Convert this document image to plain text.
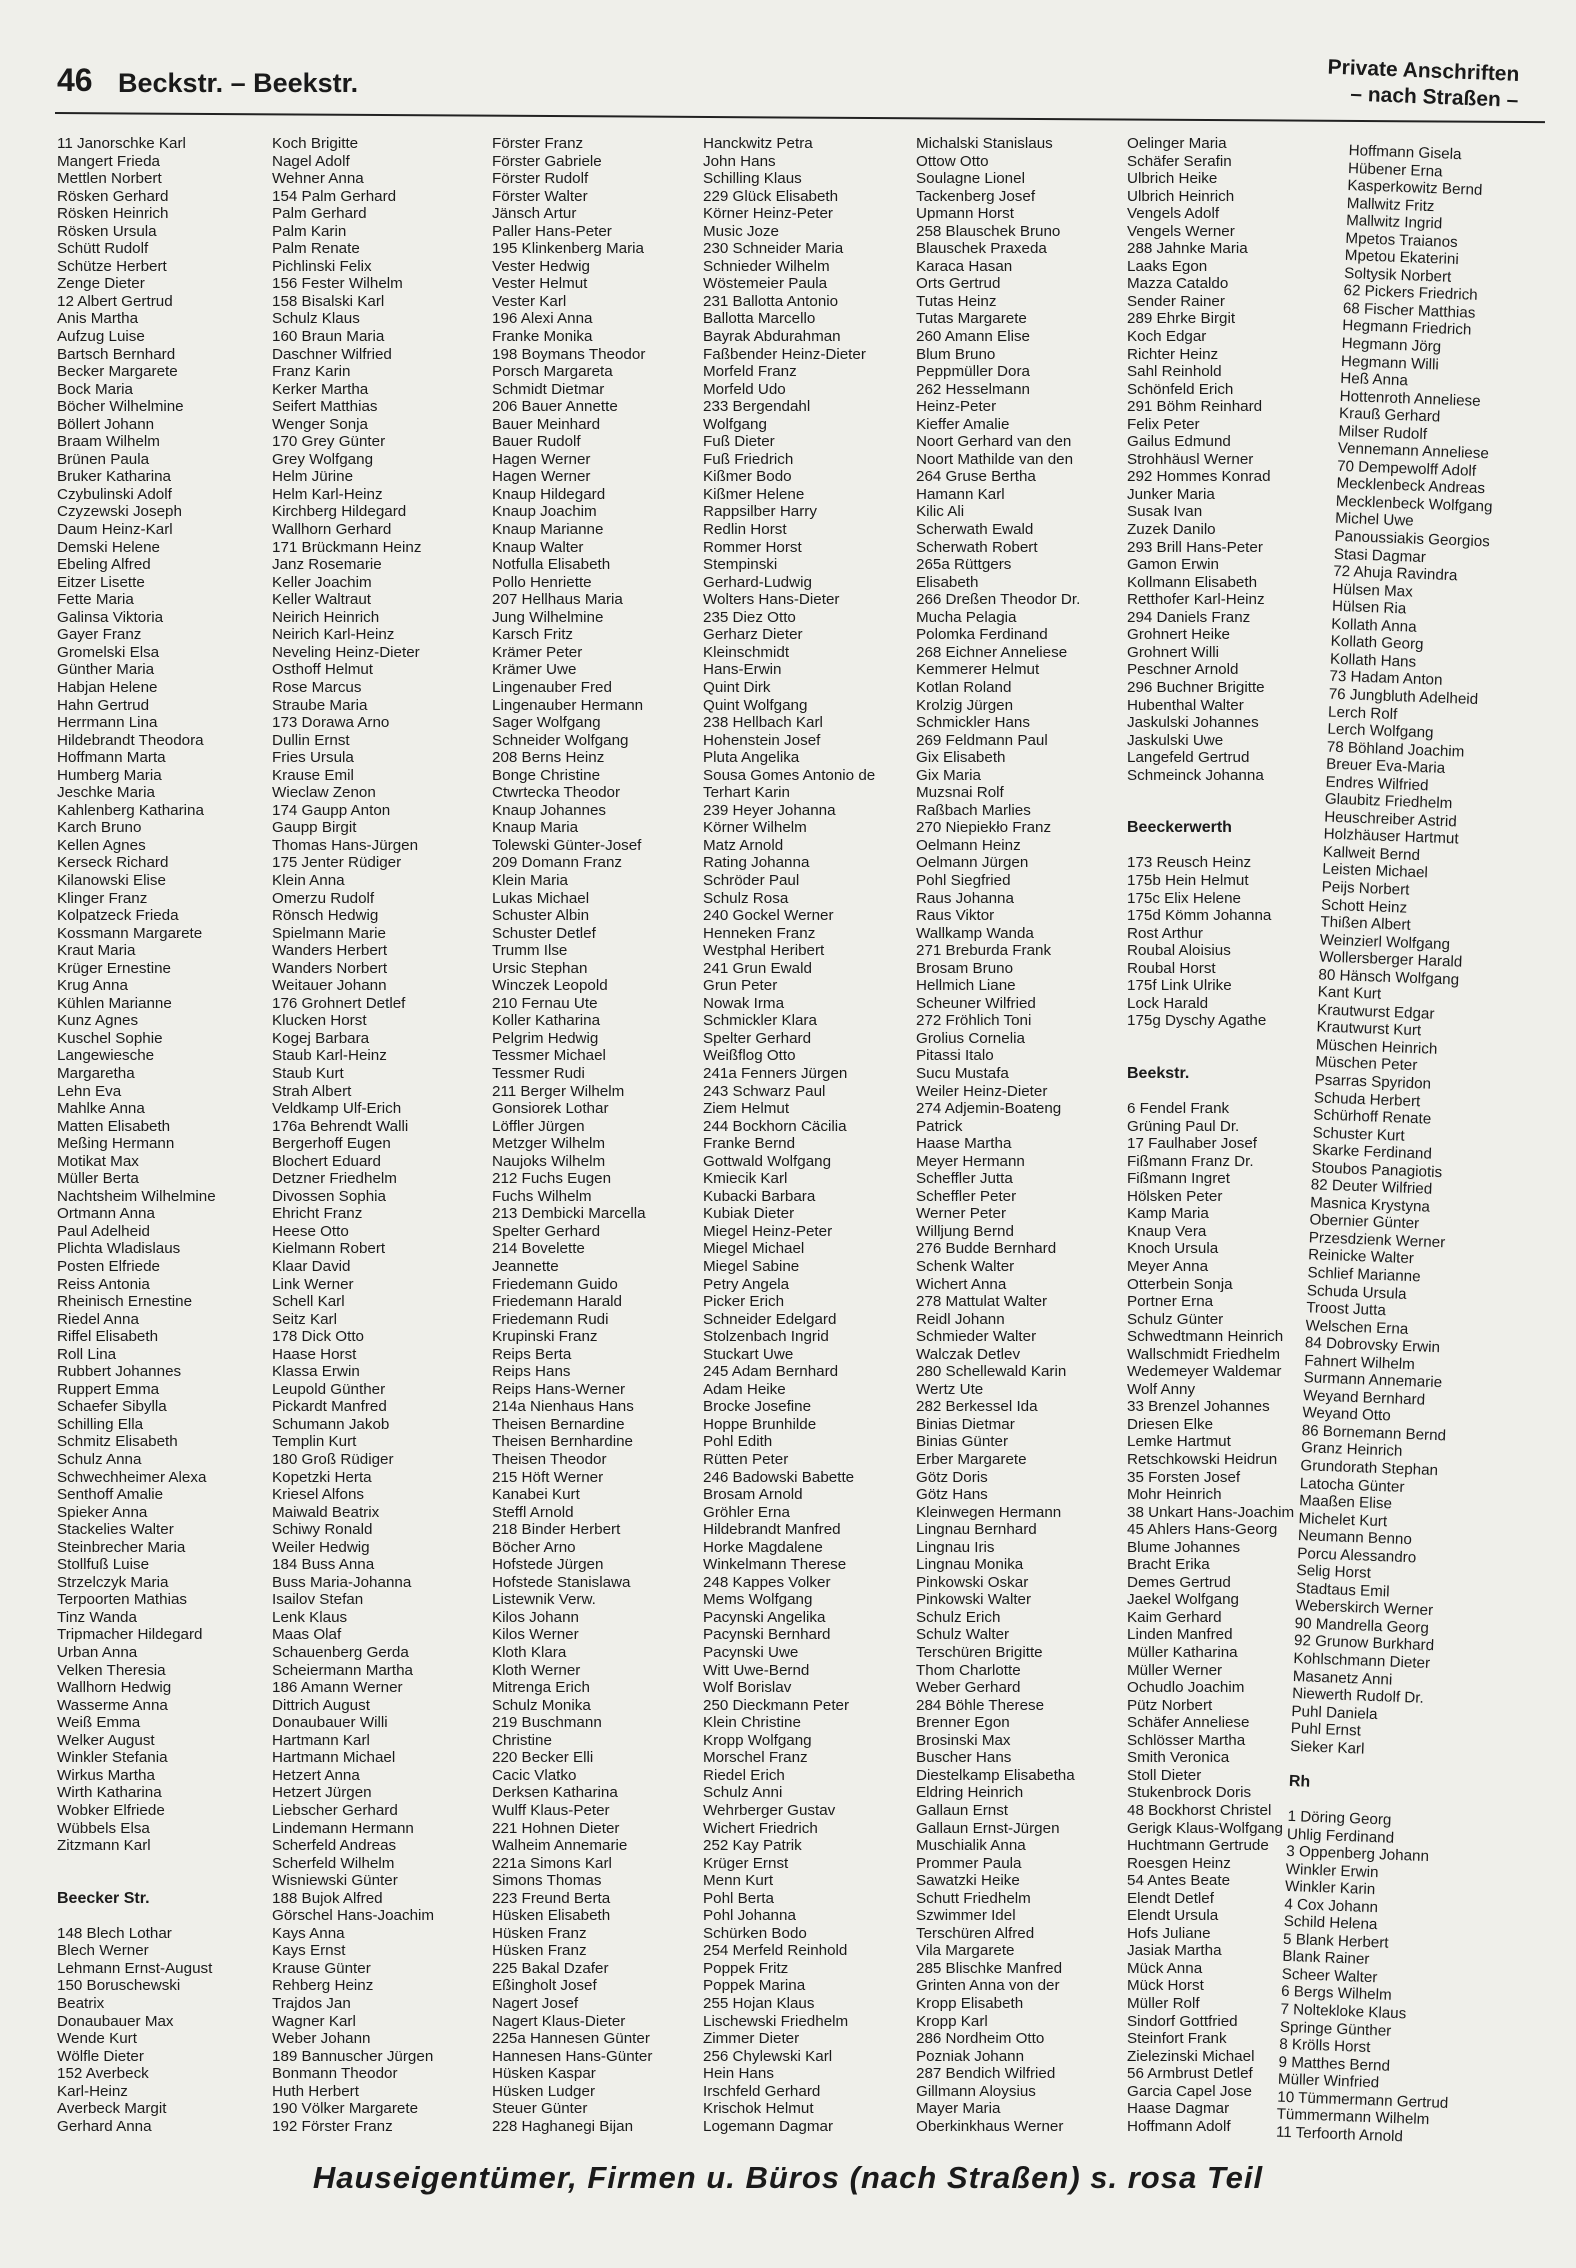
46 Beckstr. – Beekstr.	Private Anschriften
– nach Straßen –
11 Janorschke Karl
Mangert Frieda
Mettlen Norbert
Rösken Gerhard
Rösken Heinrich
Rösken Ursula
Schütt Rudolf
Schütze Herbert
Zenge Dieter
12 Albert Gertrud
Anis Martha
Aufzug Luise
Bartsch Bernhard
Becker Margarete
Bock Maria
Böcher Wilhelmine
Böllert Johann
Braam Wilhelm
Brünen Paula
Bruker Katharina
Czybulinski Adolf
Czyzewski Joseph
Daum Heinz-Karl
Demski Helene
Ebeling Alfred
Eitzer Lisette
Fette Maria
Galinsa Viktoria
Gayer Franz
Gromelski Elsa
Günther Maria
Habjan Helene
Hahn Gertrud
Herrmann Lina
Hildebrandt Theodora
Hoffmann Marta
Humberg Maria
Jeschke Maria
Kahlenberg Katharina
Karch Bruno
Kellen Agnes
Kerseck Richard
Kilanowski Elise
Klinger Franz
Kolpatzeck Frieda
Kossmann Margarete
Kraut Maria
Krüger Ernestine
Krug Anna
Kühlen Marianne
Kunz Agnes
Kuschel Sophie
Langewiesche
Margaretha
Lehn Eva
Mahlke Anna
Matten Elisabeth
Meßing Hermann
Motikat Max
Müller Berta
Nachtsheim Wilhelmine
Ortmann Anna
Paul Adelheid
Plichta Wladislaus
Posten Elfriede
Reiss Antonia
Rheinisch Ernestine
Riedel Anna
Riffel Elisabeth
Roll Lina
Rubbert Johannes
Ruppert Emma
Schaefer Sibylla
Schilling Ella
Schmitz Elisabeth
Schulz Anna
Schwechheimer Alexa
Senthoff Amalie
Spieker Anna
Stackelies Walter
Steinbrecher Maria
Stollfuß Luise
Strzelczyk Maria
Terpoorten Mathias
Tinz Wanda
Tripmacher Hildegard
Urban Anna
Velken Theresia
Wallhorn Hedwig
Wasserme Anna
Weiß Emma
Welker August
Winkler Stefania
Wirkus Martha
Wirth Katharina
Wobker Elfriede
Wübbels Elsa
Zitzmann Karl
Beecker Str.
148 Blech Lothar
Blech Werner
Lehmann Ernst-August
150 Boruschewski
Beatrix
Donaubauer Max
Wende Kurt
Wölfle Dieter
152 Averbeck
Karl-Heinz
Averbeck Margit
Gerhard Anna
Koch Brigitte
Nagel Adolf
Wehner Anna
154 Palm Gerhard
Palm Gerhard
Palm Karin
Palm Renate
Pichlinski Felix
156 Fester Wilhelm
158 Bisalski Karl
Schulz Klaus
160 Braun Maria
Daschner Wilfried
Franz Karin
Kerker Martha
Seifert Matthias
Wenger Sonja
170 Grey Günter
Grey Wolfgang
Helm Jürine
Helm Karl-Heinz
Kirchberg Hildegard
Wallhorn Gerhard
171 Brückmann Heinz
Janz Rosemarie
Keller Joachim
Keller Waltraut
Neirich Heinrich
Neirich Karl-Heinz
Neveling Heinz-Dieter
Osthoff Helmut
Rose Marcus
Straube Maria
173 Dorawa Arno
Dullin Ernst
Fries Ursula
Krause Emil
Wieclaw Zenon
174 Gaupp Anton
Gaupp Birgit
Thomas Hans-Jürgen
175 Jenter Rüdiger
Klein Anna
Omerzu Rudolf
Rönsch Hedwig
Spielmann Marie
Wanders Herbert
Wanders Norbert
Weitauer Johann
176 Grohnert Detlef
Klucken Horst
Kogej Barbara
Staub Karl-Heinz
Staub Kurt
Strah Albert
Veldkamp Ulf-Erich
176a Behrendt Walli
Bergerhoff Eugen
Blochert Eduard
Detzner Friedhelm
Divossen Sophia
Ehricht Franz
Heese Otto
Kielmann Robert
Klaar David
Link Werner
Schell Karl
Seitz Karl
178 Dick Otto
Haase Horst
Klassa Erwin
Leupold Günther
Pickardt Manfred
Schumann Jakob
Templin Kurt
180 Groß Rüdiger
Kopetzki Herta
Kriesel Alfons
Maiwald Beatrix
Schiwy Ronald
Weiler Hedwig
184 Buss Anna
Buss Maria-Johanna
Isailov Stefan
Lenk Klaus
Maas Olaf
Schauenberg Gerda
Scheiermann Martha
186 Amann Werner
Dittrich August
Donaubauer Willi
Hartmann Karl
Hartmann Michael
Hetzert Anna
Hetzert Jürgen
Liebscher Gerhard
Lindemann Hermann
Scherfeld Andreas
Scherfeld Wilhelm
Wisniewski Günter
188 Bujok Alfred
Görschel Hans-Joachim
Kays Anna
Kays Ernst
Krause Günter
Rehberg Heinz
Trajdos Jan
Wagner Karl
Weber Johann
189 Bannuscher Jürgen
Bonmann Theodor
Huth Herbert
190 Völker Margarete
192 Förster Franz
Förster Franz
Förster Gabriele
Förster Rudolf
Förster Walter
Jänsch Artur
Paller Hans-Peter
195 Klinkenberg Maria
Vester Hedwig
Vester Helmut
Vester Karl
196 Alexi Anna
Franke Monika
198 Boymans Theodor
Porsch Margareta
Schmidt Dietmar
206 Bauer Annette
Bauer Meinhard
Bauer Rudolf
Hagen Werner
Hagen Werner
Knaup Hildegard
Knaup Joachim
Knaup Marianne
Knaup Walter
Notfulla Elisabeth
Pollo Henriette
207 Hellhaus Maria
Jung Wilhelmine
Karsch Fritz
Krämer Peter
Krämer Uwe
Lingenauber Fred
Lingenauber Hermann
Sager Wolfgang
Schneider Wolfgang
208 Berns Heinz
Bonge Christine
Ctwrtecka Theodor
Knaup Johannes
Knaup Maria
Tolewski Günter-Josef
209 Domann Franz
Klein Maria
Lukas Michael
Schuster Albin
Schuster Detlef
Trumm Ilse
Ursic Stephan
Winczek Leopold
210 Fernau Ute
Koller Katharina
Pelgrim Hedwig
Tessmer Michael
Tessmer Rudi
211 Berger Wilhelm
Gonsiorek Lothar
Löffler Jürgen
Metzger Wilhelm
Naujoks Wilhelm
212 Fuchs Eugen
Fuchs Wilhelm
213 Dembicki Marcella
Spelter Gerhard
214 Bovelette
Jeannette
Friedemann Guido
Friedemann Harald
Friedemann Rudi
Krupinski Franz
Reips Berta
Reips Hans
Reips Hans-Werner
214a Nienhaus Hans
Theisen Bernardine
Theisen Bernhardine
Theisen Theodor
215 Höft Werner
Kanabei Kurt
Steffl Arnold
218 Binder Herbert
Böcher Arno
Hofstede Jürgen
Hofstede Stanislawa
Listewnik Verw.
Kilos Johann
Kilos Werner
Kloth Klara
Kloth Werner
Mitrenga Erich
Schulz Monika
219 Buschmann
Christine
220 Becker Elli
Cacic Vlatko
Derksen Katharina
Wulff Klaus-Peter
221 Hohnen Dieter
Walheim Annemarie
221a Simons Karl
Simons Thomas
223 Freund Berta
Hüsken Elisabeth
Hüsken Franz
Hüsken Franz
225 Bakal Dzafer
Eßingholt Josef
Nagert Josef
Nagert Klaus-Dieter
225a Hannesen Günter
Hannesen Hans-Günter
Hüsken Kaspar
Hüsken Ludger
Steuer Günter
228 Haghanegi Bijan
Hanckwitz Petra
John Hans
Schilling Klaus
229 Glück Elisabeth
Körner Heinz-Peter
Music Joze
230 Schneider Maria
Schnieder Wilhelm
Wöstemeier Paula
231 Ballotta Antonio
Ballotta Marcello
Bayrak Abdurahman
Faßbender Heinz-Dieter
Morfeld Franz
Morfeld Udo
233 Bergendahl
Wolfgang
Fuß Dieter
Fuß Friedrich
Kißmer Bodo
Kißmer Helene
Rappsilber Harry
Redlin Horst
Rommer Horst
Stempinski
Gerhard-Ludwig
Wolters Hans-Dieter
235 Diez Otto
Gerharz Dieter
Kleinschmidt
Hans-Erwin
Quint Dirk
Quint Wolfgang
238 Hellbach Karl
Hohenstein Josef
Pluta Angelika
Sousa Gomes Antonio de
Terhart Karin
239 Heyer Johanna
Körner Wilhelm
Matz Arnold
Rating Johanna
Schröder Paul
Schulz Rosa
240 Gockel Werner
Henneken Franz
Westphal Heribert
241 Grun Ewald
Grun Peter
Nowak Irma
Schmickler Klara
Spelter Gerhard
Weißflog Otto
241a Fenners Jürgen
243 Schwarz Paul
Ziem Helmut
244 Bockhorn Cäcilia
Franke Bernd
Gottwald Wolfgang
Kmiecik Karl
Kubacki Barbara
Kubiak Dieter
Miegel Heinz-Peter
Miegel Michael
Miegel Sabine
Petry Angela
Picker Erich
Schneider Edelgard
Stolzenbach Ingrid
Stuckart Uwe
245 Adam Bernhard
Adam Heike
Brocke Josefine
Hoppe Brunhilde
Pohl Edith
Rütten Peter
246 Badowski Babette
Brosam Arnold
Gröhler Erna
Hildebrandt Manfred
Horke Magdalene
Winkelmann Therese
248 Kappes Volker
Mems Wolfgang
Pacynski Angelika
Pacynski Bernhard
Pacynski Uwe
Witt Uwe-Bernd
Wolf Borislav
250 Dieckmann Peter
Klein Christine
Kropp Wolfgang
Morschel Franz
Riedel Erich
Schulz Anni
Wehrberger Gustav
Wichert Friedrich
252 Kay Patrik
Krüger Ernst
Menn Kurt
Pohl Berta
Pohl Johanna
Schürken Bodo
254 Merfeld Reinhold
Poppek Fritz
Poppek Marina
255 Hojan Klaus
Lischewski Friedhelm
Zimmer Dieter
256 Chylewski Karl
Hein Hans
Irschfeld Gerhard
Krischok Helmut
Logemann Dagmar
Michalski Stanislaus
Ottow Otto
Soulagne Lionel
Tackenberg Josef
Upmann Horst
258 Blauschek Bruno
Blauschek Praxeda
Karaca Hasan
Orts Gertrud
Tutas Heinz
Tutas Margarete
260 Amann Elise
Blum Bruno
Peppmüller Dora
262 Hesselmann
Heinz-Peter
Kieffer Amalie
Noort Gerhard van den
Noort Mathilde van den
264 Gruse Bertha
Hamann Karl
Kilic Ali
Scherwath Ewald
Scherwath Robert
265a Rüttgers
Elisabeth
266 Dreßen Theodor Dr.
Mucha Pelagia
Polomka Ferdinand
268 Eichner Anneliese
Kemmerer Helmut
Kotlan Roland
Krolzig Jürgen
Schmickler Hans
269 Feldmann Paul
Gix Elisabeth
Gix Maria
Muzsnai Rolf
Raßbach Marlies
270 Niepiekło Franz
Oelmann Heinz
Oelmann Jürgen
Pohl Siegfried
Raus Johanna
Raus Viktor
Wallkamp Wanda
271 Breburda Frank
Brosam Bruno
Hellmich Liane
Scheuner Wilfried
272 Fröhlich Toni
Grolius Cornelia
Pitassi Italo
Sucu Mustafa
Weiler Heinz-Dieter
274 Adjemin-Boateng
Patrick
Haase Martha
Meyer Hermann
Scheffler Jutta
Scheffler Peter
Werner Peter
Willjung Bernd
276 Budde Bernhard
Schenk Walter
Wichert Anna
278 Mattulat Walter
Reidl Johann
Schmieder Walter
Walczak Detlev
280 Schellewald Karin
Wertz Ute
282 Berkessel Ida
Binias Dietmar
Binias Günter
Erber Margarete
Götz Doris
Götz Hans
Kleinwegen Hermann
Lingnau Bernhard
Lingnau Iris
Lingnau Monika
Pinkowski Oskar
Pinkowski Walter
Schulz Erich
Schulz Walter
Terschüren Brigitte
Thom Charlotte
Weber Gerhard
284 Böhle Therese
Brenner Egon
Brosinski Max
Buscher Hans
Diestelkamp Elisabetha
Eldring Heinrich
Gallaun Ernst
Gallaun Ernst-Jürgen
Muschialik Anna
Prommer Paula
Sawatzki Heike
Schutt Friedhelm
Szwimmer Idel
Terschüren Alfred
Vila Margarete
285 Blischke Manfred
Grinten Anna von der
Kropp Elisabeth
Kropp Karl
286 Nordheim Otto
Pozniak Johann
287 Bendich Wilfried
Gillmann Aloysius
Mayer Maria
Oberkinkhaus Werner
Oelinger Maria
Schäfer Serafin
Ulbrich Heike
Ulbrich Heinrich
Vengels Adolf
Vengels Werner
288 Jahnke Maria
Laaks Egon
Mazza Cataldo
Sender Rainer
289 Ehrke Birgit
Koch Edgar
Richter Heinz
Sahl Reinhold
Schönfeld Erich
291 Böhm Reinhard
Felix Peter
Gailus Edmund
Strohhäusl Werner
292 Hommes Konrad
Junker Maria
Susak Ivan
Zuzek Danilo
293 Brill Hans-Peter
Gamon Erwin
Kollmann Elisabeth
Retthofer Karl-Heinz
294 Daniels Franz
Grohnert Heike
Grohnert Willi
Peschner Arnold
296 Buchner Brigitte
Hubenthal Walter
Jaskulski Johannes
Jaskulski Uwe
Langefeld Gertrud
Schmeinck Johanna
Beeckerwerth
173 Reusch Heinz
175b Hein Helmut
175c Elix Helene
175d Kömm Johanna
Rost Arthur
Roubal Aloisius
Roubal Horst
175f Link Ulrike
Lock Harald
175g Dyschy Agathe
Beekstr.
6 Fendel Frank
Grüning Paul Dr.
17 Faulhaber Josef
Fißmann Franz Dr.
Fißmann Ingret
Hölsken Peter
Kamp Maria
Knaup Vera
Knoch Ursula
Meyer Anna
Otterbein Sonja
Portner Erna
Schulz Günter
Schwedtmann Heinrich
Wallschmidt Friedhelm
Wedemeyer Waldemar
Wolf Anny
33 Brenzel Johannes
Driesen Elke
Lemke Hartmut
Retschkowski Heidrun
35 Forsten Josef
Mohr Heinrich
38 Unkart Hans-Joachim
45 Ahlers Hans-Georg
Blume Johannes
Bracht Erika
Demes Gertrud
Jaekel Wolfgang
Kaim Gerhard
Linden Manfred
Müller Katharina
Müller Werner
Ochudlo Joachim
Pütz Norbert
Schäfer Anneliese
Schlösser Martha
Smith Veronica
Stoll Dieter
Stukenbrock Doris
48 Bockhorst Christel
Gerigk Klaus-Wolfgang
Huchtmann Gertrude
Roesgen Heinz
54 Antes Beate
Elendt Detlef
Elendt Ursula
Hofs Juliane
Jasiak Martha
Mück Anna
Mück Horst
Müller Rolf
Sindorf Gottfried
Steinfort Frank
Zielezinski Michael
56 Armbrust Detlef
Garcia Capel Jose
Haase Dagmar
Hoffmann Adolf
Hoffmann Gisela
Hübener Erna
Kasperkowitz Bernd
Mallwitz Fritz
Mallwitz Ingrid
Mpetos Traianos
Mpetou Ekaterini
Soltysik Norbert
62 Pickers Friedrich
68 Fischer Matthias
Hegmann Friedrich
Hegmann Jörg
Hegmann Willi
Heß Anna
Hottenroth Anneliese
Krauß Gerhard
Milser Rudolf
Vennemann Anneliese
70 Dempewolff Adolf
Mecklenbeck Andreas
Mecklenbeck Wolfgang
Michel Uwe
Panoussiakis Georgios
Stasi Dagmar
72 Ahuja Ravindra
Hülsen Max
Hülsen Ria
Kollath Anna
Kollath Georg
Kollath Hans
73 Hadam Anton
76 Jungbluth Adelheid
Lerch Rolf
Lerch Wolfgang
78 Böhland Joachim
Breuer Eva-Maria
Endres Wilfried
Glaubitz Friedhelm
Heuschreiber Astrid
Holzhäuser Hartmut
Kallweit Bernd
Leisten Michael
Peijs Norbert
Schott Heinz
Thißen Albert
Weinzierl Wolfgang
Wollersberger Harald
80 Hänsch Wolfgang
Kant Kurt
Krautwurst Edgar
Krautwurst Kurt
Müschen Heinrich
Müschen Peter
Psarras Spyridon
Schuda Herbert
Schürhoff Renate
Schuster Kurt
Skarke Ferdinand
Stoubos Panagiotis
82 Deuter Wilfried
Masnica Krystyna
Obernier Günter
Przesdzienk Werner
Reinicke Walter
Schlief Marianne
Schuda Ursula
Troost Jutta
Welschen Erna
84 Dobrovsky Erwin
Fahnert Wilhelm
Surmann Annemarie
Weyand Bernhard
Weyand Otto
86 Bornemann Bernd
Granz Heinrich
Grundorath Stephan
Latocha Günter
Maaßen Elise
Michelet Kurt
Neumann Benno
Porcu Alessandro
Selig Horst
Stadtaus Emil
Weberskirch Werner
90 Mandrella Georg
92 Grunow Burkhard
Kohlschmann Dieter
Masanetz Anni
Niewerth Rudolf Dr.
Puhl Daniela
Puhl Ernst
Sieker Karl
Rh
1 Döring Georg
Uhlig Ferdinand
3 Oppenberg Johann
Winkler Erwin
Winkler Karin
4 Cox Johann
Schild Helena
5 Blank Herbert
Blank Rainer
Scheer Walter
6 Bergs Wilhelm
7 Noltekloke Klaus
Springe Günther
8 Krölls Horst
9 Matthes Bernd
Müller Winfried
10 Tümmermann Gertrud
Tümmermann Wilhelm
11 Terfoorth Arnold
Hauseigentümer, Firmen u. Büros (nach Straßen) s. rosa Teil
